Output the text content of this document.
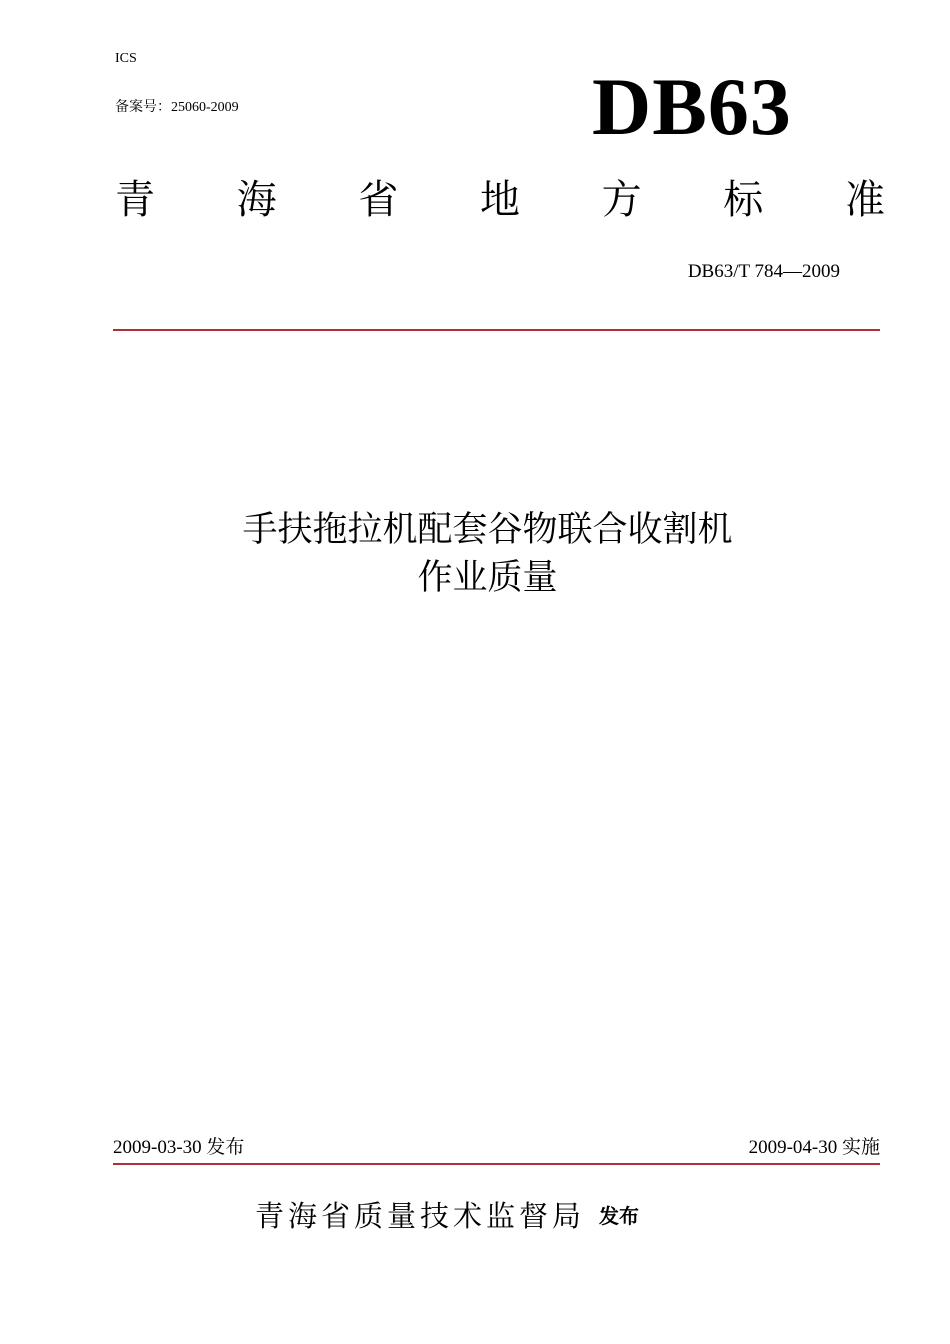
ICS
备案号：25060-2009	DB63
青 海 省 地 方 标 准
DB63/T 784—2009
手扶拖拉机配套谷物联合收割机
作业质量
2009-03-30 发布	2009-04-30 实施
青海省质量技术监督局 发布
